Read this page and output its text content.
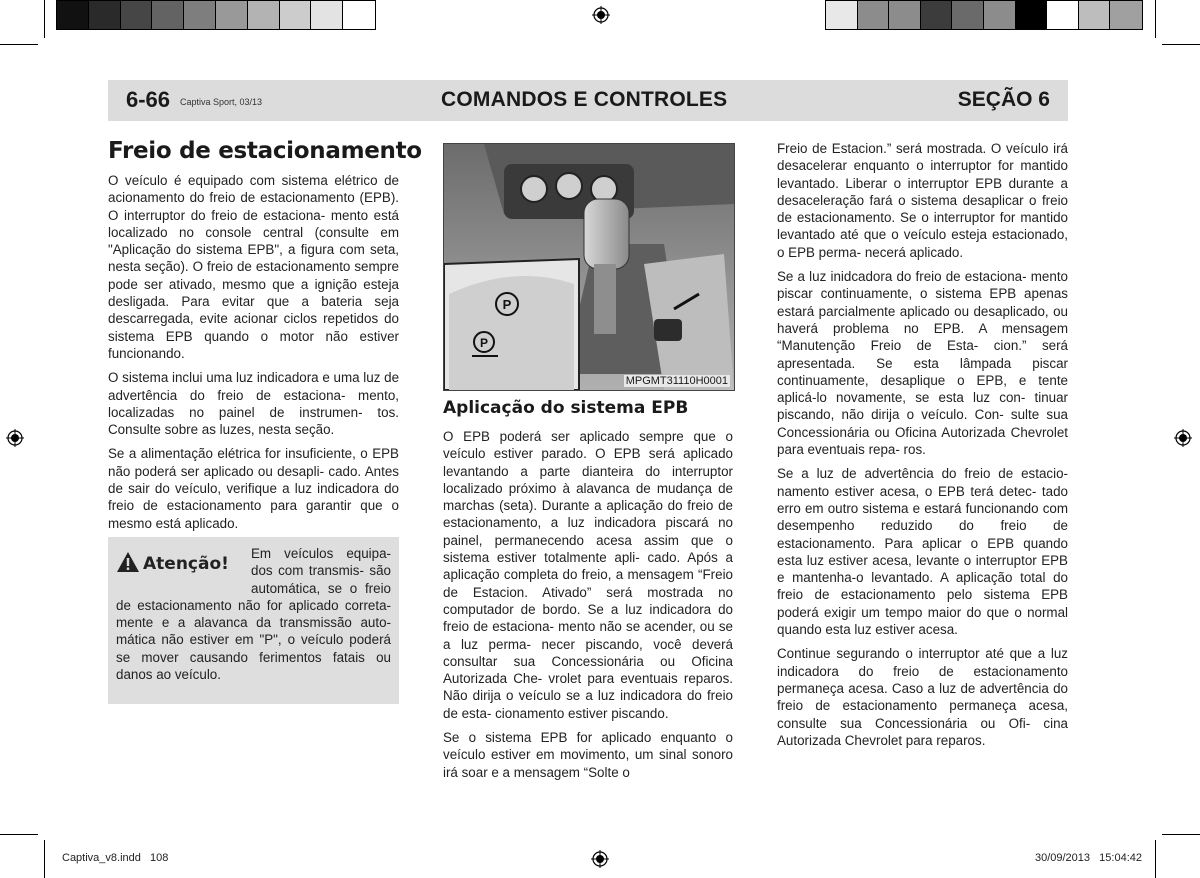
6-66 Captiva Sport, 03/13	COMANDOS E CONTROLES	SEÇÃO 6
Freio de estacionamento

O veículo é equipado com sistema elétrico de acionamento do freio de estacionamento (EPB). O interruptor do freio de estaciona- mento está localizado no console central (consulte em "Aplicação do sistema EPB", a figura com seta, nesta seção). O freio de estacionamento sempre pode ser ativado, mesmo que a ignição esteja desligada. Para evitar que a bateria seja descarregada, evite acionar ciclos repetidos do sistema EPB quando o motor não estiver funcionando.

O sistema inclui uma luz indicadora e uma luz de advertência do freio de estaciona- mento, localizadas no painel de instrumen- tos. Consulte sobre as luzes, nesta seção.

Se a alimentação elétrica for insuficiente, o EPB não poderá ser aplicado ou desapli- cado. Antes de sair do veículo, verifique a luz indicadora do freio de estacionamento para garantir que o mesmo está aplicado.

Atenção! Em veículos equipa- dos com transmis- são automática, se o freio de estacionamento não for aplicado correta- mente e a alavanca da transmissão auto- mática não estiver em "P", o veículo poderá se mover causando ferimentos fatais ou danos ao veículo.
P
P
MPGMT31110H0001
Aplicação do sistema EPB

O EPB poderá ser aplicado sempre que o veículo estiver parado. O EPB será aplicado levantando a parte dianteira do interruptor localizado próximo à alavanca de mudança de marchas (seta). Durante a aplicação do freio de estacionamento, a luz indicadora piscará no painel, permanecendo acesa assim que o sistema estiver totalmente apli- cado. Após a aplicação completa do freio, a mensagem “Freio de Estacion. Ativado” será mostrada no computador de bordo. Se a luz indicadora do freio de estaciona- mento não se acender, ou se a luz perma- necer piscando, você deverá consultar sua Concessionária ou Oficina Autorizada Che- vrolet para eventuais reparos. Não dirija o veículo se a luz indicadora do freio de esta- cionamento estiver piscando.

Se o sistema EPB for aplicado enquanto o veículo estiver em movimento, um sinal sonoro irá soar e a mensagem “Solte o

Freio de Estacion.” será mostrada. O veículo irá desacelerar enquanto o interruptor for mantido levantado. Liberar o interruptor EPB durante a desaceleração fará o sistema desaplicar o freio de estacionamento. Se o interruptor for mantido levantado até que o veículo esteja estacionado, o EPB perma- necerá aplicado.

Se a luz inidcadora do freio de estaciona- mento piscar continuamente, o sistema EPB apenas estará parcialmente aplicado ou desaplicado, ou haverá problema no EPB. A mensagem “Manutenção Freio de Esta- cion.” será apresentada. Se esta lâmpada piscar continuamente, desaplique o EPB, e tente aplicá-lo novamente, se esta luz con- tinuar piscando, não dirija o veículo. Con- sulte sua Concessionária ou Oficina Autorizada Chevrolet para eventuais repa- ros.

Se a luz de advertência do freio de estacio- namento estiver acesa, o EPB terá detec- tado erro em outro sistema e estará funcionando com desempenho reduzido do freio de estacionamento. Para aplicar o EPB quando esta luz estiver acesa, levante o interruptor EPB e mantenha-o levantado. A aplicação total do freio de estacionamento pelo sistema EPB poderá exigir um tempo maior do que o normal quando esta luz estiver acesa.

Continue segurando o interruptor até que a luz indicadora do freio de estacionamento permaneça acesa. Caso a luz de advertência do freio de estacionamento permaneça acesa, consulte sua Concessionária ou Ofi- cina Autorizada Chevrolet para reparos.

Captiva_v8.indd   108	30/09/2013   15:04:42
